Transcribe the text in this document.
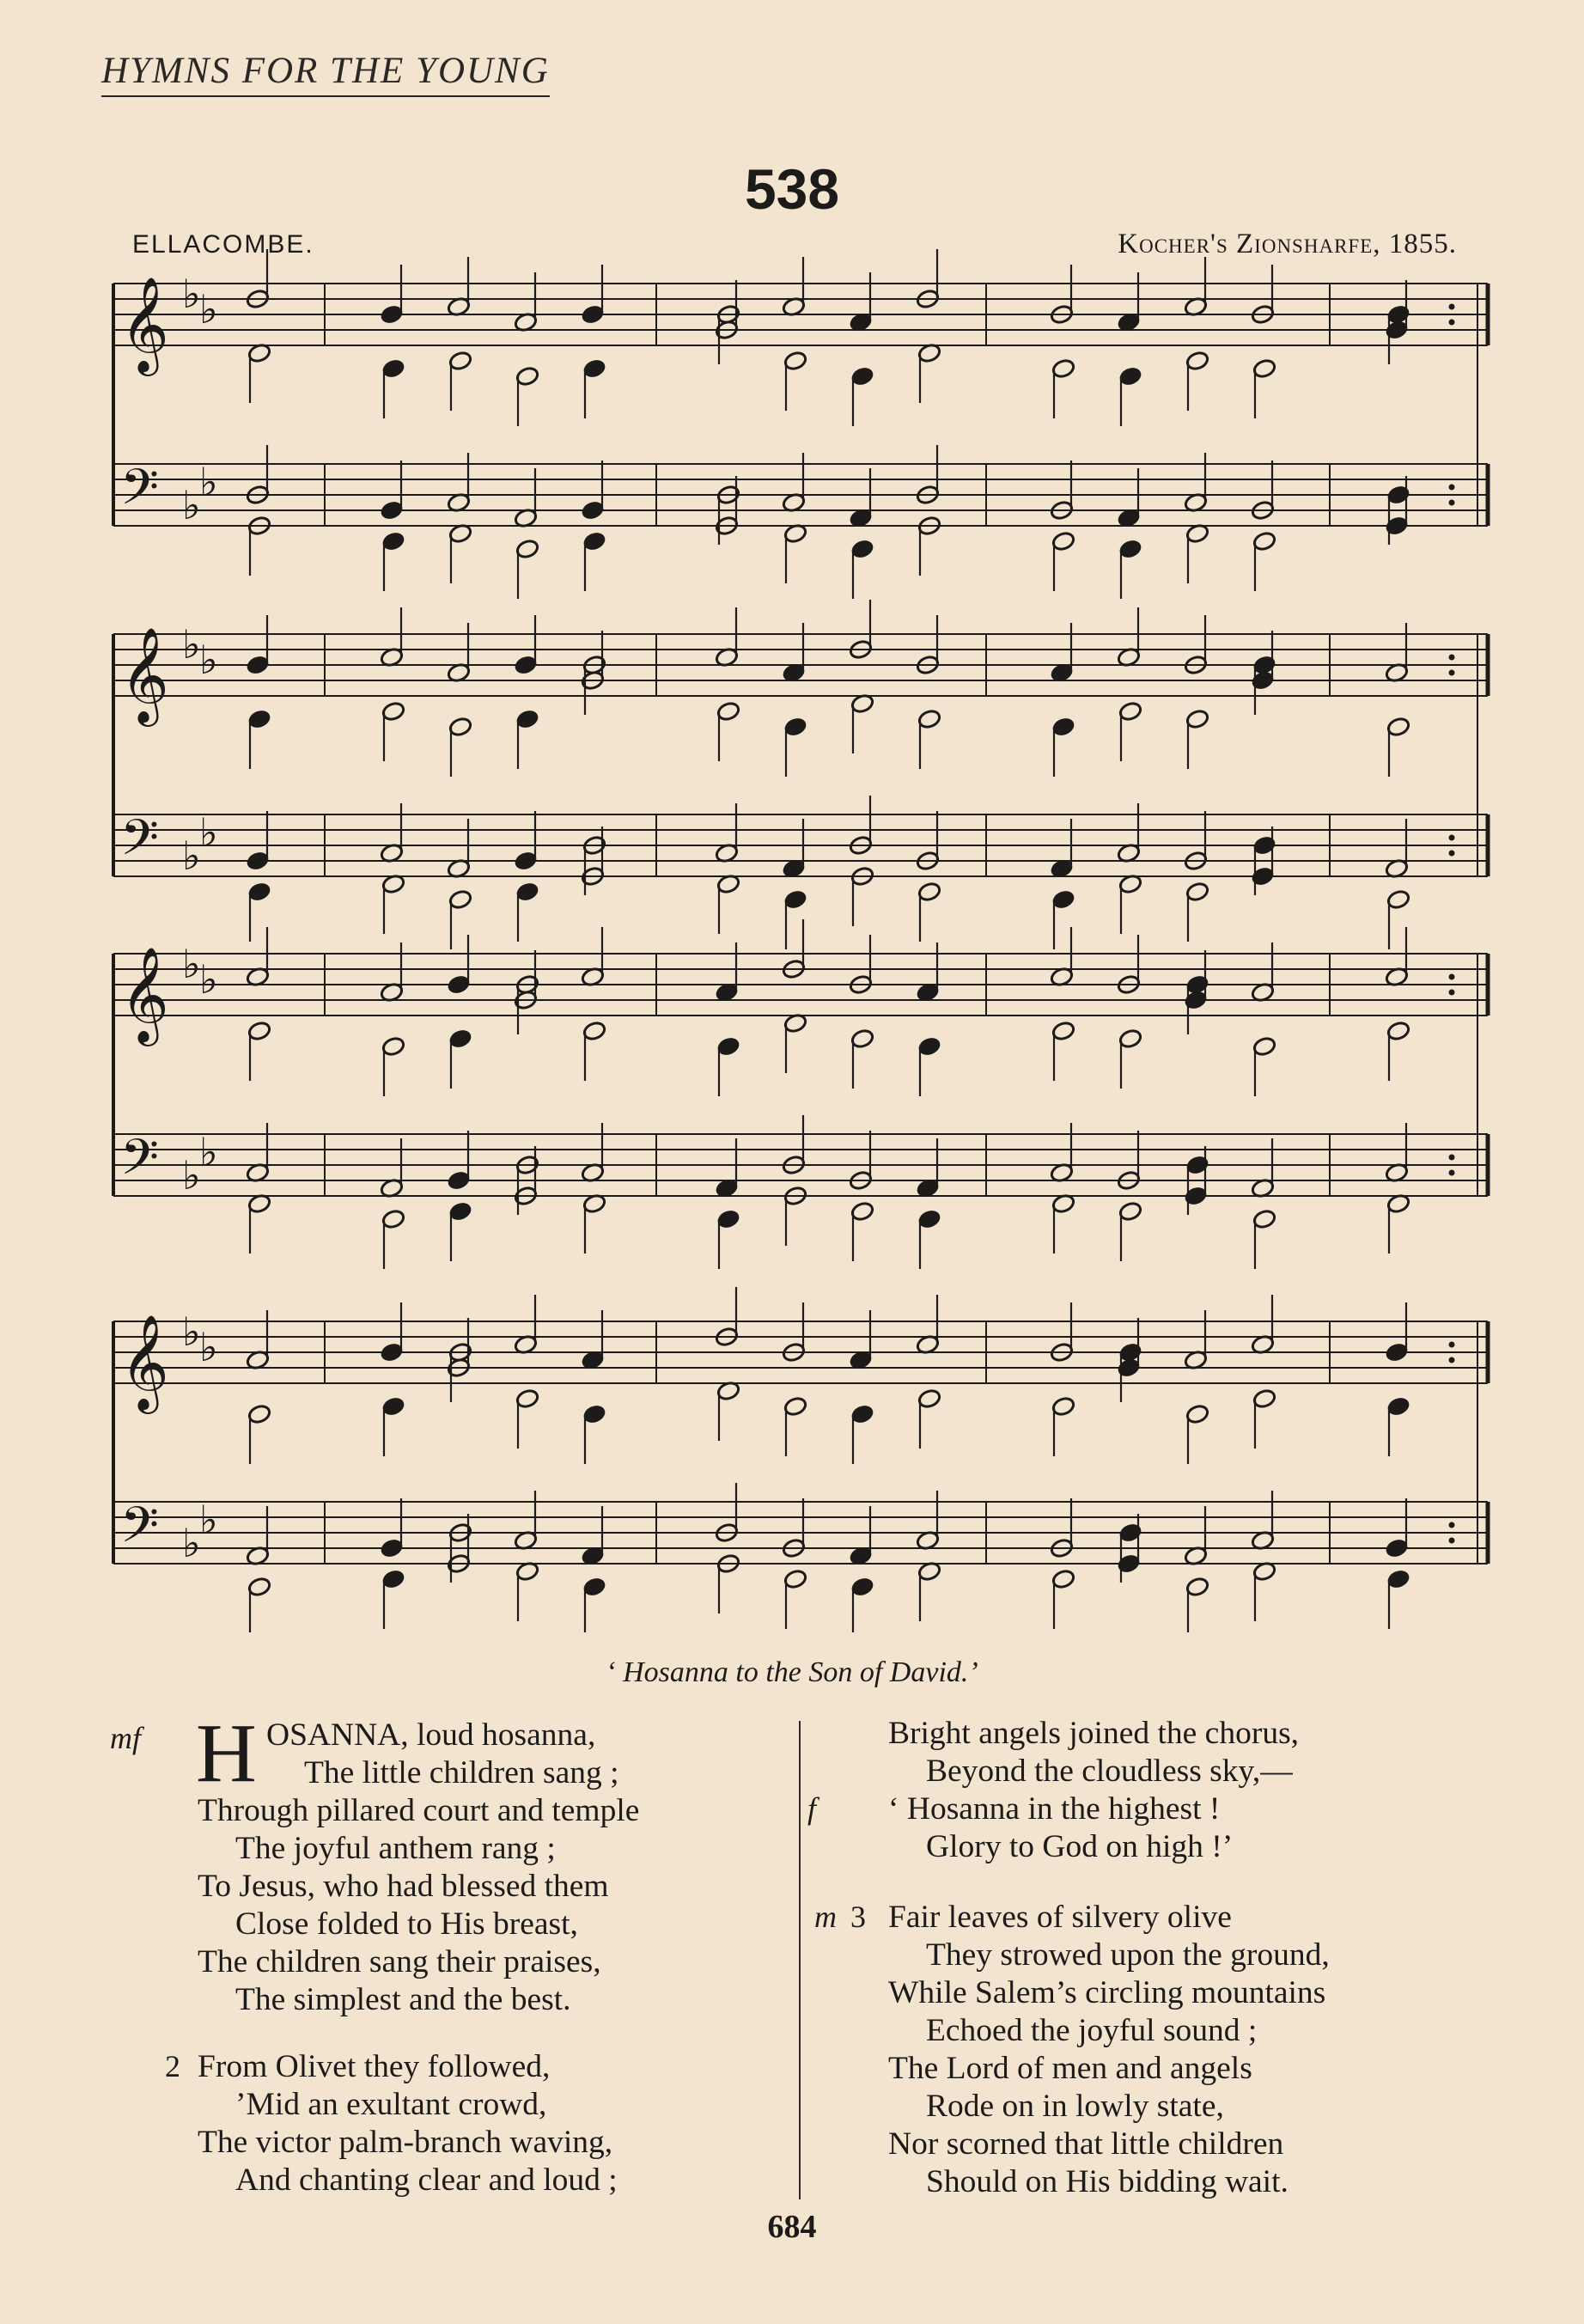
HYMNS FOR THE YOUNG
538
ELLACOMBE.	Kocher's Zionsharfe, 1855.
𝄞
𝄢
♭
♭
♭
♭
𝄞
𝄢
♭
♭
♭
♭
𝄞
𝄢
♭
♭
♭
♭
𝄞
𝄢
♭
♭
♭
♭
‘ Hosanna to the Son of David.’
mf H OSANNA, loud hosanna,
The little children sang ;
Through pillared court and temple
The joyful anthem rang ;
To Jesus, who had blessed them
Close folded to His breast,
The children sang their praises,
The simplest and the best.
2 From Olivet they followed,
’Mid an exultant crowd,
The victor palm-branch waving,
And chanting clear and loud ;
Bright angels joined the chorus,
Beyond the cloudless sky,—
‘ Hosanna in the highest !
Glory to God on high !’
f
m 3 Fair leaves of silvery olive
They strowed upon the ground,
While Salem’s circling mountains
Echoed the joyful sound ;
The Lord of men and angels
Rode on in lowly state,
Nor scorned that little children
Should on His bidding wait.
684
